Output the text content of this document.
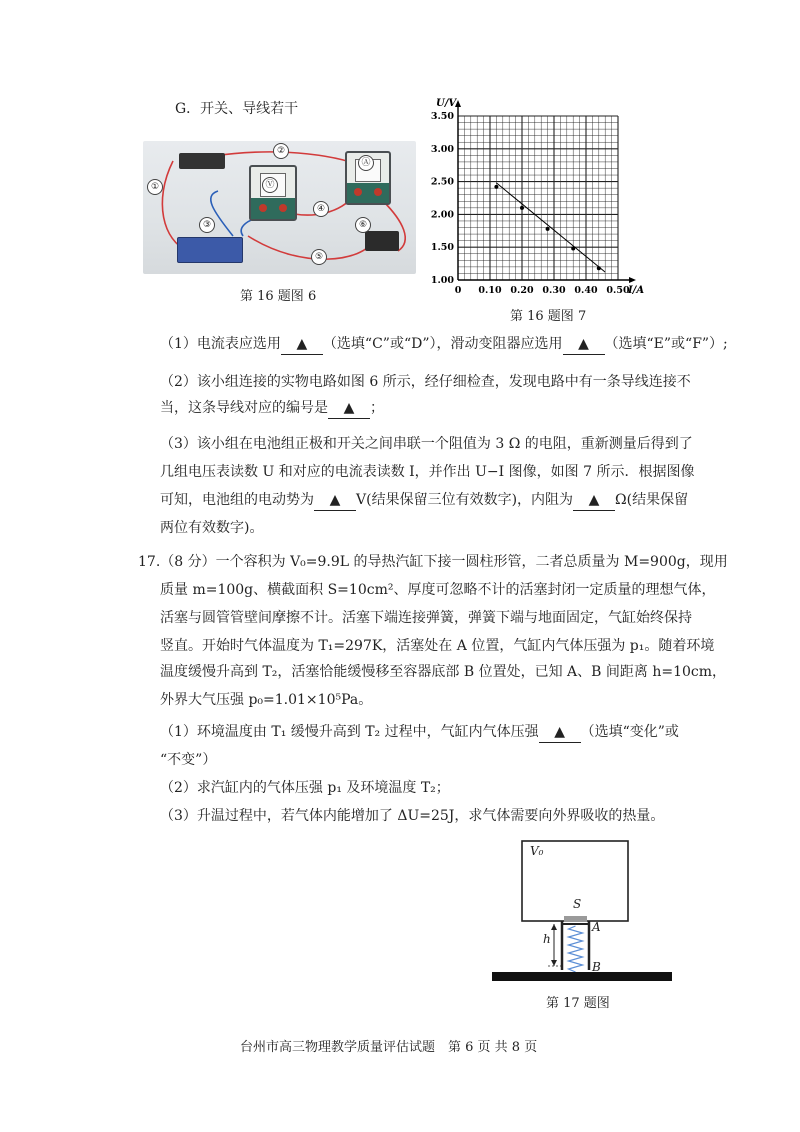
G．开关、导线若干
Ⓥ
Ⓐ
①
②
③
④
⑤
⑥
第 16 题图 6	0 0.10 0.20 0.30 0.40 0.50
1.00
1.50
2.00
2.50
3.00
3.50
I/A
U/V
第 16 题图 7
（1）电流表应选用 ▲ （选填“C”或“D”），滑动变阻器应选用 ▲ （选填“E”或“F”）;
（2）该小组连接的实物电路如图 6 所示，经仔细检查，发现电路中有一条导线连接不
当，这条导线对应的编号是 ▲ ；
（3）该小组在电池组正极和开关之间串联一个阻值为 3 Ω 的电阻，重新测量后得到了
几组电压表读数 U 和对应的电流表读数 I，并作出 U−I 图像，如图 7 所示．根据图像
可知，电池组的电动势为 ▲ V(结果保留三位有效数字)，内阻为 ▲ Ω(结果保留
两位有效数字)。
17.（8 分）一个容积为 V₀=9.9L 的导热汽缸下接一圆柱形管，二者总质量为 M=900g，现用
质量 m=100g、横截面积 S=10cm²、厚度可忽略不计的活塞封闭一定质量的理想气体，
活塞与圆管管壁间摩擦不计。活塞下端连接弹簧，弹簧下端与地面固定，气缸始终保持
竖直。开始时气体温度为 T₁=297K，活塞处在 A 位置，气缸内气体压强为 p₁。随着环境
温度缓慢升高到 T₂，活塞恰能缓慢移至容器底部 B 位置处，已知 A、B 间距离 h=10cm，
外界大气压强 p₀=1.01×10⁵Pa。
（1）环境温度由 T₁ 缓慢升高到 T₂ 过程中，气缸内气体压强 ▲ （选填“变化”或
“不变”）
（2）求汽缸内的气体压强 p₁ 及环境温度 T₂；
（3）升温过程中，若气体内能增加了 ΔU=25J，求气体需要向外界吸收的热量。
V₀
S
h
A
B
第 17 题图
台州市高三物理教学质量评估试题　第 6 页 共 8 页
